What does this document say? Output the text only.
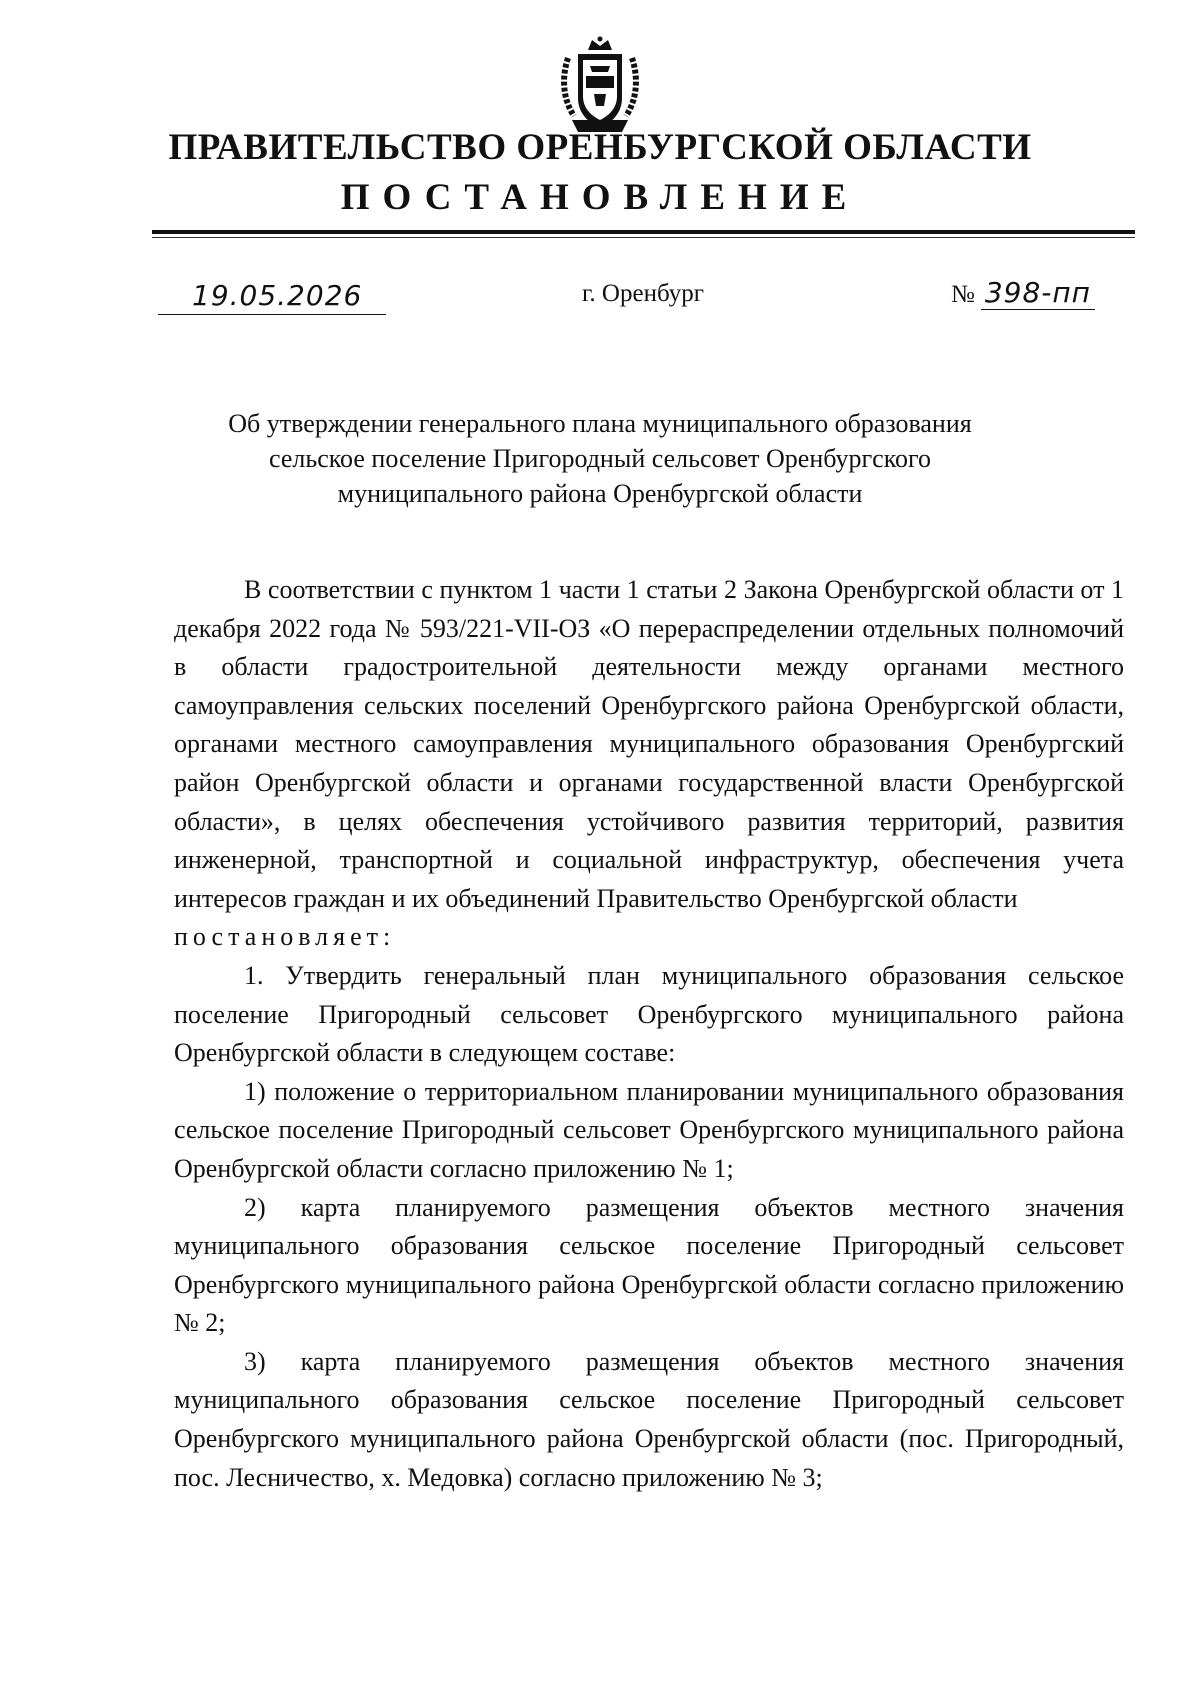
ПРАВИТЕЛЬСТВО ОРЕНБУРГСКОЙ ОБЛАСТИ
ПОСТАНОВЛЕНИЕ
19.05.2026	г. Оренбург	№ 398-пп
Об утверждении генерального плана муниципального образования
сельское поселение Пригородный сельсовет Оренбургского
муниципального района Оренбургской области

В соответствии с пунктом 1 части 1 статьи 2 Закона Оренбургской области от 1 декабря 2022 года № 593/221-VII-ОЗ «О перераспределении отдельных полномочий в области градостроительной деятельности между органами местного самоуправления сельских поселений Оренбургского района Оренбургской области, органами местного самоуправления муниципального образования Оренбургский район Оренбургской области и органами государственной власти Оренбургской области», в целях обеспечения устойчивого развития территорий, развития инженерной, транспортной и социальной инфраструктур, обеспечения учета интересов граждан и их объединений Правительство Оренбургской области

постановляет:

1. Утвердить генеральный план муниципального образования сельское поселение Пригородный сельсовет Оренбургского муниципального района Оренбургской области в следующем составе:

1) положение о территориальном планировании муниципального образования сельское поселение Пригородный сельсовет Оренбургского муниципального района Оренбургской области согласно приложению № 1;

2) карта планируемого размещения объектов местного значения муниципального образования сельское поселение Пригородный сельсовет Оренбургского муниципального района Оренбургской области согласно приложению № 2;

3) карта планируемого размещения объектов местного значения муниципального образования сельское поселение Пригородный сельсовет Оренбургского муниципального района Оренбургской области (пос. Пригородный, пос. Лесничество, х. Медовка) согласно приложению № 3;
